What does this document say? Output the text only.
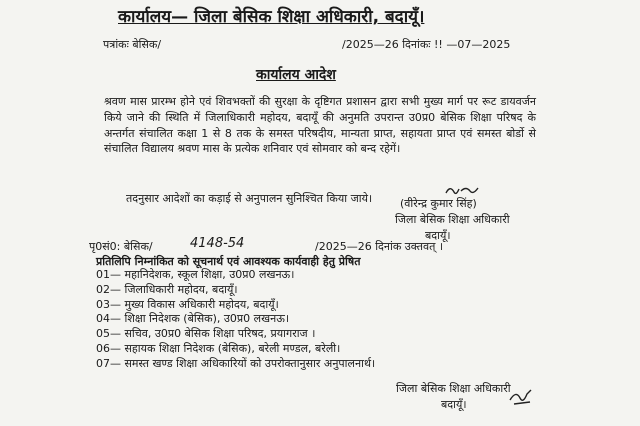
कार्यालय— जिला बेसिक शिक्षा अधिकारी, बदायूँ।
पत्रांकः बेसिक/	/2025—26 दिनांकः !! —07—2025
कार्यालय आदेश
श्रवण मास प्रारम्भ होने एवं शिवभक्तों की सुरक्षा के दृष्टिगत प्रशासन द्वारा सभी मुख्य मार्ग पर रूट डायवर्जन किये जाने की स्थिति में जिलाधिकारी महोदय, बदायूँ की अनुमति उपरान्त उ0प्र0 बेसिक शिक्षा परिषद के अन्तर्गत संचालित कक्षा 1 से 8 तक के समस्त परिषदीय, मान्यता प्राप्त, सहायता प्राप्त एवं समस्त बोर्डो से संचालित विद्यालय श्रवण मास के प्रत्येक शनिवार एवं सोमवार को बन्द रहेगें।
तदनुसार आदेशों का कड़ाई से अनुपालन सुनिश्चित किया जाये।	(वीरेन्द्र कुमार सिंह)
जिला बेसिक शिक्षा अधिकारी
बदायूँ।
पृ0सं0: बेसिक/	4148-54	/2025—26 दिनांक उक्तवत् ।
प्रतिलिपि निम्नांकित को सूचनार्थ एवं आवश्यक कार्यवाही हेतु प्रेषित
01— महानिदेशक, स्कूल शिक्षा, उ0प्र0 लखनऊ।
02— जिलाधिकारी महोदय, बदायूँ।
03— मुख्य विकास अधिकारी महोदय, बदायूँ।
04— शिक्षा निदेशक (बेसिक), उ0प्र0 लखनऊ।
05— सचिव, उ0प्र0 बेसिक शिक्षा परिषद, प्रयागराज ।
06— सहायक शिक्षा निदेशक (बेसिक), बरेली मण्डल, बरेली।
07— समस्त खण्ड शिक्षा अधिकारियों को उपरोक्तानुसार अनुपालनार्थ।
जिला बेसिक शिक्षा अधिकारी
बदायूँ।
